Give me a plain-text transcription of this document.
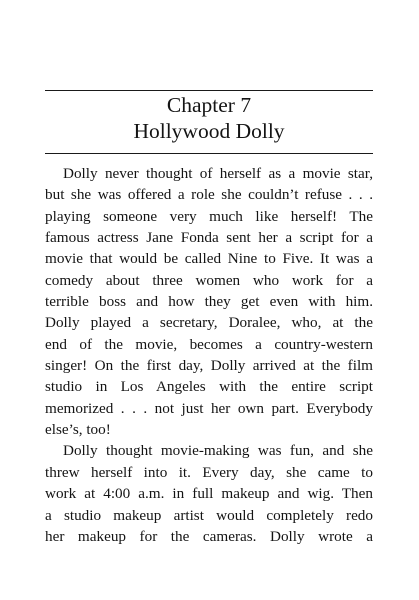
Chapter 7
Hollywood Dolly
Dolly never thought of herself as a movie star,
but she was offered a role she couldn’t refuse . . .
playing someone very much like herself! The
famous actress Jane Fonda sent her a script for a
movie that would be called Nine to Five. It was a
comedy about three women who work for a
terrible boss and how they get even with him.
Dolly played a secretary, Doralee, who, at the
end of the movie, becomes a country-western
singer! On the first day, Dolly arrived at the film
studio in Los Angeles with the entire script
memorized . . . not just her own part. Everybody
else’s, too!
Dolly thought movie-making was fun, and she
threw herself into it. Every day, she came to
work at 4:00 a.m. in full makeup and wig. Then
a studio makeup artist would completely redo
her makeup for the cameras. Dolly wrote a
